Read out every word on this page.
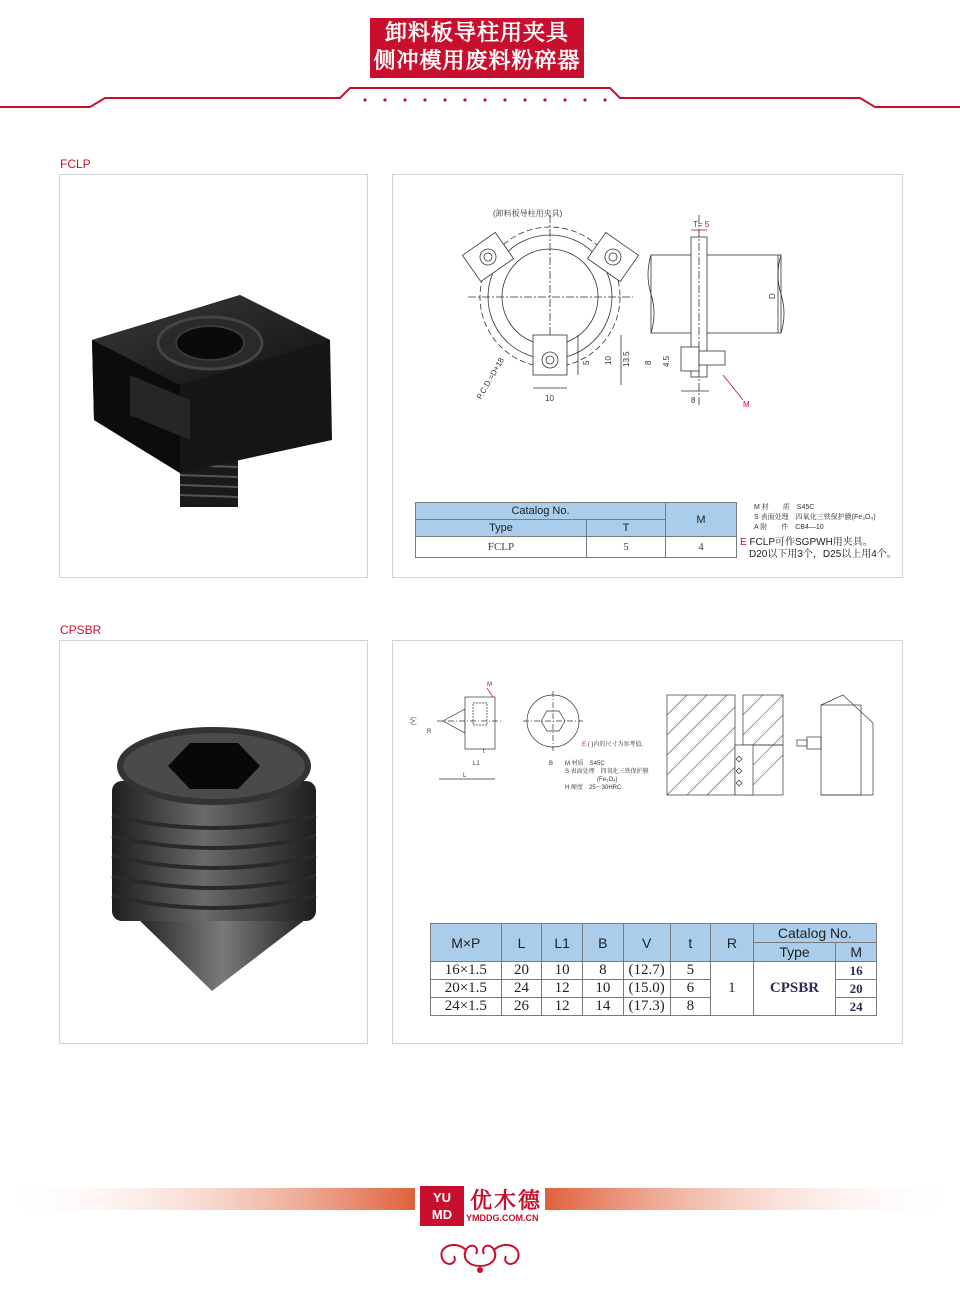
卸料板导柱用夹具
侧冲模用废料粉碎器
FCLP
(卸料板导柱用夹具)
10
5 10 13.5
P.C.D.=D+18
T= 5
D
8 4.5
8	M
Catalog No.		M
Type	T	
FCLP	5	4
M 材　　质　S45C
S 表面处理　四氧化三铁保护膜(Fe₃O₄)
A 附　　件　CB4—10
E FCLP可作SGPWH用夹具。
D20以下用3个，D25以上用4个。
CPSBR
M
(V)
R
t
L1
L
B
E ( )内的尺寸为参考值。
M 材质　S45C
S 表面处理　四氧化三铁保护膜
(Fe₃O₄)
H 硬度　25～30HRC
M×P	L	L1	B	V	t	R	Catalog No.	
							Type	M
16×1.5	20	10	8	(12.7)	5	1	CPSBR	16
20×1.5	24	12	10	(15.0)	6			20
24×1.5	26	12	14	(17.3)	8			24
YU
MD
优木德
YMDDG.COM.CN
